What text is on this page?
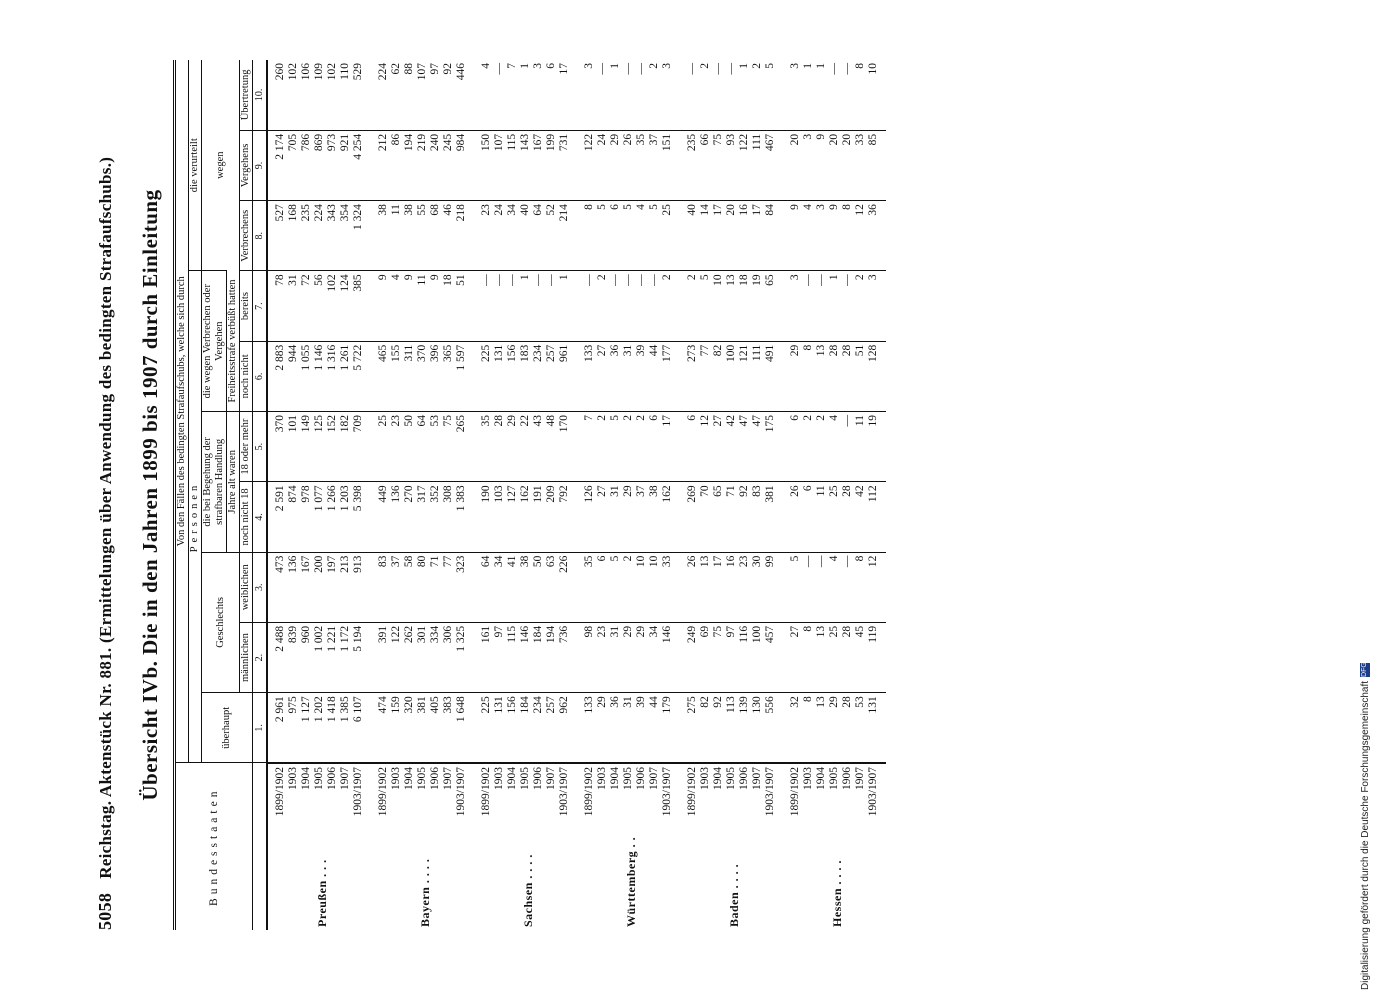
5058
Reichstag. Aktenstück Nr. 881. (Ermittelungen über Anwendung des bedingten Strafaufschubs.) Übersicht IVb. Die in den Jahren 1899 bis 1907 durch Einleitung
Bundesstaaten		Von den Fällen des bedingten Strafaufschubs, welche sich durch									
		Personen							die verurteilt		
		überhaupt	Geschlechts		die bei Begehung der strafbaren Handlung		die wegen Verbrechen oder Vergehen		wegen		
					Jahre alt waren		Freiheitsstrafe verbüßt hatten				
			männlichen	weiblichen	noch nicht 18	18 oder mehr	noch nicht	bereits	Verbrechens	Vergehens	Übertretung
		1.	2.	3.	4.	5.	6.	7.	8.	9.	10.
Preußen . . .	1899/1902	2 961	2 488	473	2 591	370	2 883	78	527	2 174	260
	1903	975	839	136	874	101	944	31	168	705	102
	1904	1 127	960	167	978	149	1 055	72	235	786	106
	1905	1 202	1 002	200	1 077	125	1 146	56	224	869	109
	1906	1 418	1 221	197	1 266	152	1 316	102	343	973	102
	1907	1 385	1 172	213	1 203	182	1 261	124	354	921	110
	1903/1907	6 107	5 194	913	5 398	709	5 722	385	1 324	4 254	529
Bayern . . . .	1899/1902	474	391	83	449	25	465	9	38	212	224
	1903	159	122	37	136	23	155	4	11	86	62
	1904	320	262	58	270	50	311	9	38	194	88
	1905	381	301	80	317	64	370	11	55	219	107
	1906	405	334	71	352	53	396	9	68	240	97
	1907	383	306	77	308	75	365	18	46	245	92
	1903/1907	1 648	1 325	323	1 383	265	1 597	51	218	984	446
Sachsen . . . .	1899/1902	225	161	64	190	35	225	—	23	150	4
	1903	131	97	34	103	28	131	—	24	107	—
	1904	156	115	41	127	29	156	—	34	115	7
	1905	184	146	38	162	22	183	1	40	143	1
	1906	234	184	50	191	43	234	—	64	167	3
	1907	257	194	63	209	48	257	—	52	199	6
	1903/1907	962	736	226	792	170	961	1	214	731	17
Württemberg . .	1899/1902	133	98	35	126	7	133	—	8	122	3
	1903	29	23	6	27	2	27	2	5	24	—
	1904	36	31	5	31	5	36	—	6	29	1
	1905	31	29	2	29	2	31	—	5	26	—
	1906	39	29	10	37	2	39	—	4	35	—
	1907	44	34	10	38	6	44	—	5	37	2
	1903/1907	179	146	33	162	17	177	2	25	151	3
Baden . . . .	1899/1902	275	249	26	269	6	273	2	40	235	—
	1903	82	69	13	70	12	77	5	14	66	2
	1904	92	75	17	65	27	82	10	17	75	—
	1905	113	97	16	71	42	100	13	20	93	—
	1906	139	116	23	92	47	121	18	16	122	1
	1907	130	100	30	83	47	111	19	17	111	2
	1903/1907	556	457	99	381	175	491	65	84	467	5
Hessen . . . .	1899/1902	32	27	5	26	6	29	3	9	20	3
	1903	8	8	—	6	2	8	—	4	3	1
	1904	13	13	—	11	2	13	—	3	9	1
	1905	29	25	4	25	4	28	1	9	20	—
	1906	28	28	—	28	—	28	—	8	20	—
	1907	53	45	8	42	11	51	2	12	33	8
	1903/1907	131	119	12	112	19	128	3	36	85	10
Digitalisierung gefördert durch die Deutsche ForschungsgemeinschaftDFG
